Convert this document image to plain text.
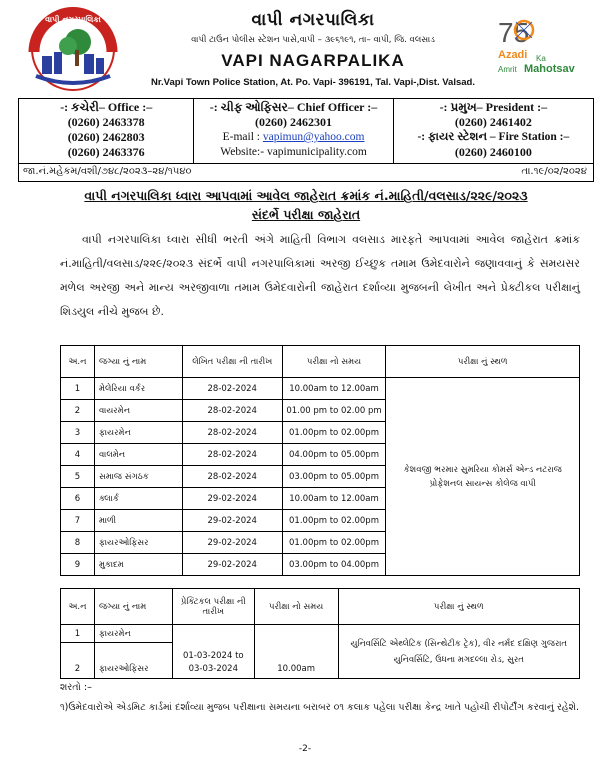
વાપી નગરપાલિકા	વાપી નગરપાલિકા
વાપી ટાઉન પોલીસ સ્ટેશન પાસે,વાપી – ૩૯૬૧૯૧, તા– વાપી, જિ. વલસાડ
VAPI NAGARPALIKA
Nr.Vapi Town Police Station, At. Po. Vapi- 396191, Tal. Vapi-,Dist. Valsad.
75
Azadi Ka
Amrit Mahotsav
-: કચેરી– Office :–
(0260) 2463378
(0260) 2462803
(0260) 2463376
-: ચીફ ઓફિસર– Chief Officer :–
(0260) 2462301
E-mail : vapimun@yahoo.com
Website:- vapimunicipality.com
-: પ્રમુખ– President :–
(0260) 2461402
-: ફાયર સ્ટેશન – Fire Station :–
(0260) 2460100
જા.નં.મહેકમ/વશી/૭૪૮/૨૦૨૩–૨૪/૧૫૪૦	તા.૧૯/૦૨/૨૦૨૪
વાપી નગરપાલિકા ધ્વારા આપવામાં આવેલ જાહેરાત ક્રમાંક નં.માહિતી/વલસાડ/૨૨૯/૨૦૨૩
સંદર્ભે પરીક્ષા જાહેરાત
વાપી નગરપાલિકા ધ્વારા સીધી ભરતી અંગે માહિતી વિભાગ વલસાડ મારફતે આપવામાં આવેલ જાહેરાત ક્રમાંક નં.માહિતી/વલસાડ/૨૨૯/૨૦૨૩ સંદર્ભે વાપી નગરપાલિકામાં અરજી ઈચ્છુક તમામ ઉમેદવારોને જણાવવાનું કે સમયસર મળેલ અરજી અને માન્ય અરજીવાળા તમામ ઉમેદવારોની જાહેરાત દર્શાવ્યા મુજબની લેખીત અને પ્રેક્ટીકલ પરીક્ષાનું શિડયુલ નીચે મુજબ છે.
અ.ન	જગ્યા નું નામ	લેખિત પરીક્ષા ની તારીખ	પરીક્ષા નો સમય	પરીક્ષા નું સ્થળ
1	મેલેરિયા વર્કર	28-02-2024	10.00am to 12.00am	કેશવજી ભરમાર સુમરિયા કોમર્સ એન્ડ નટરાજ પ્રોફેશનલ સાયન્સ કોલેજ વાપી
2	વાયરમેન	28-02-2024	01.00 pm to 02.00 pm	
3	ફાયરમેન	28-02-2024	01.00pm to 02.00pm	
4	વાલમેન	28-02-2024	04.00pm to 05.00pm	
5	સમાજ સંગઠક	28-02-2024	03.00pm to 05.00pm	
6	ક્લાર્ક	29-02-2024	10.00am to 12.00am	
7	માળી	29-02-2024	01.00pm to 02.00pm	
8	ફાયરઓફિસર	29-02-2024	01.00pm to 02.00pm	
9	મુકાદમ	29-02-2024	03.00pm to 04.00pm	
અ.ન	જગ્યા નું નામ	પ્રેક્ટિકલ પરીક્ષા ની તારીખ	પરીક્ષા નો સમય	પરીક્ષા નું સ્થળ
1	ફાયરમેન	01-03-2024 to 03-03-2024	10.00am	યુનિવર્સિટિ એથ્લેટિક (સિન્થેટીક ટ્રેક), વીર નર્મદ દક્ષિણ ગુજરાત યુનિવર્સિટિ, ઉધના મગદલ્લા રોડ, સુરત
2	ફાયરઓફિસર			
શરતો :–
૧)ઉમેદવારોએ એડમિટ કાર્ડમાં દર્શાવ્યા મુજબ પરીક્ષાના સમયના બરાબર ૦૧ કલાક પહેલા પરીક્ષા કેન્દ્ર ખાતે પહોચી રીપોર્ટીંગ કરવાનું રહેશે.
-2-
